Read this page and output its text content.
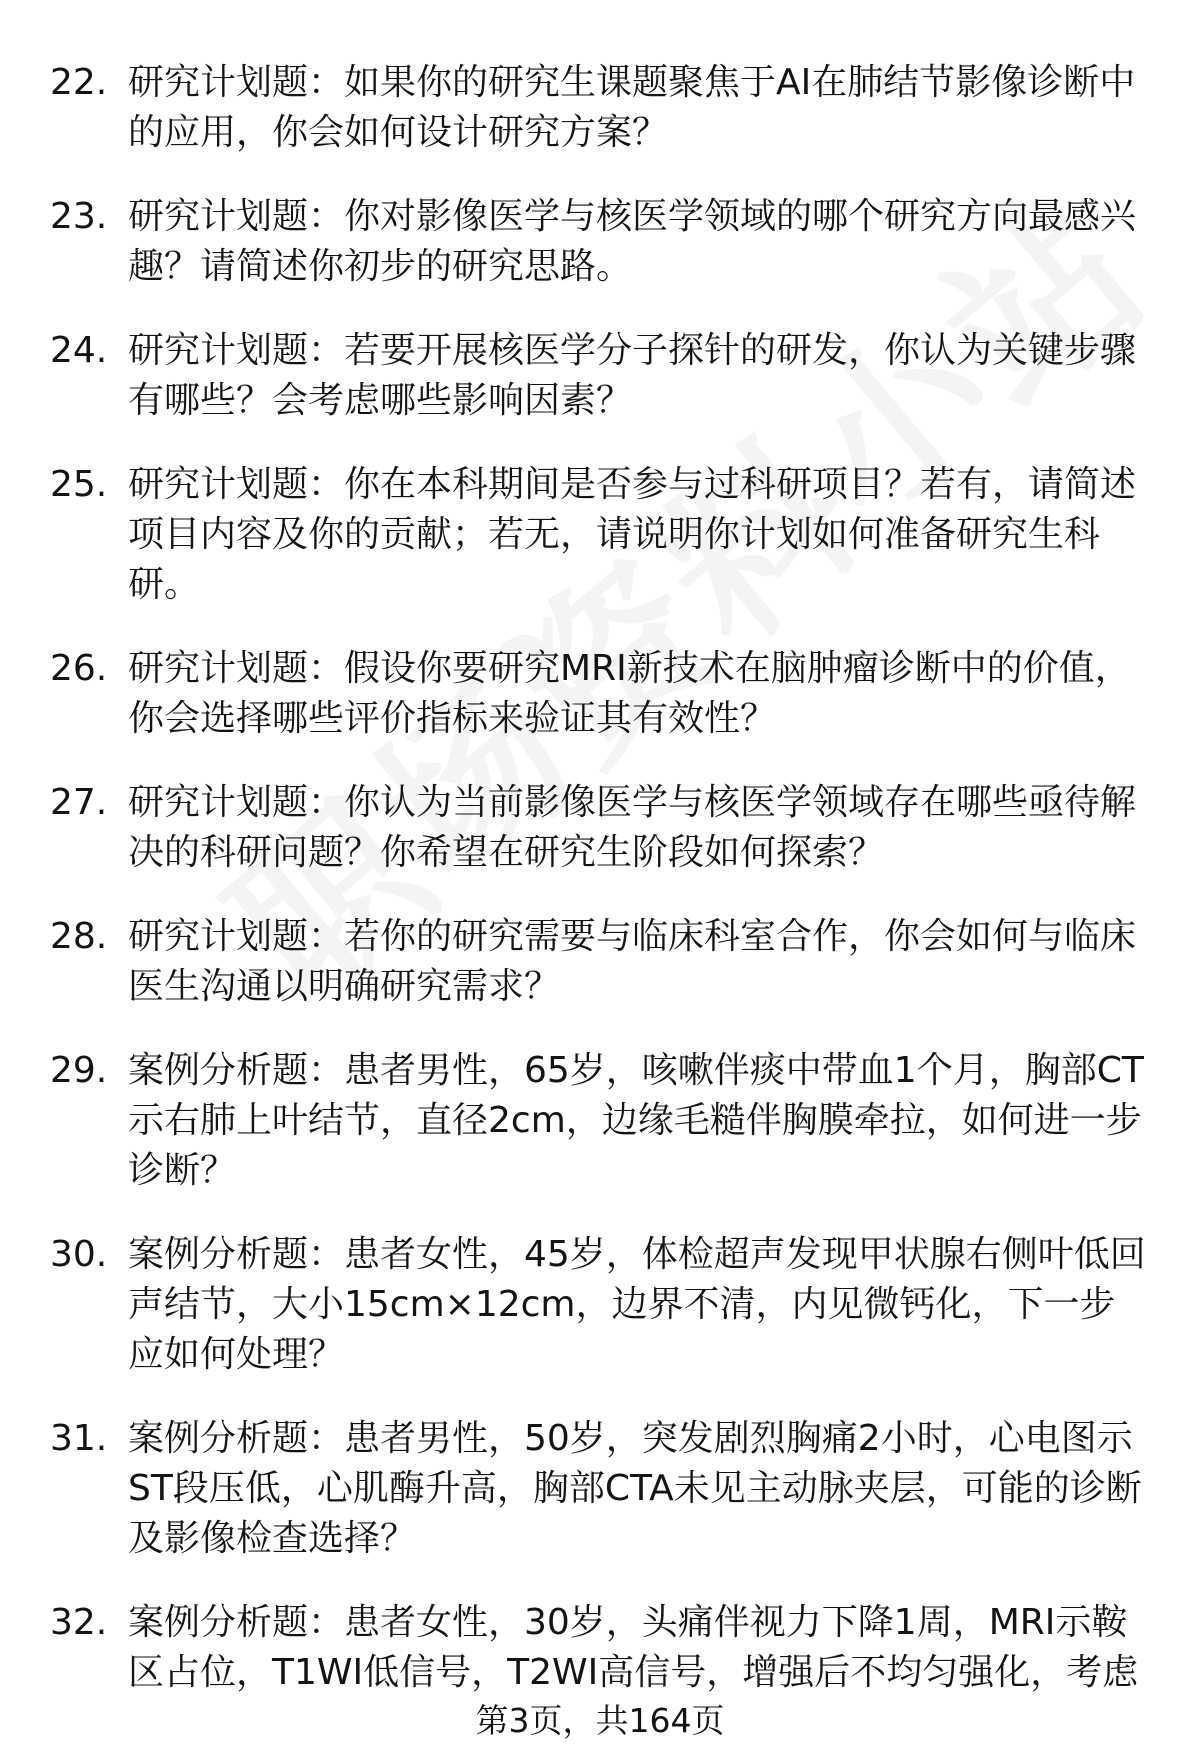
22. 研究计划题：如果你的研究生课题聚焦于AI在肺结节影像诊断中的应用，你会如何设计研究方案？
23. 研究计划题：你对影像医学与核医学领域的哪个研究方向最感兴趣？请简述你初步的研究思路。
24. 研究计划题：若要开展核医学分子探针的研发，你认为关键步骤有哪些？会考虑哪些影响因素？
25. 研究计划题：你在本科期间是否参与过科研项目？若有，请简述项目内容及你的贡献；若无，请说明你计划如何准备研究生科研。
26. 研究计划题：假设你要研究MRI新技术在脑肿瘤诊断中的价值，你会选择哪些评价指标来验证其有效性？
27. 研究计划题：你认为当前影像医学与核医学领域存在哪些亟待解决的科研问题？你希望在研究生阶段如何探索？
28. 研究计划题：若你的研究需要与临床科室合作，你会如何与临床医生沟通以明确研究需求？
29. 案例分析题：患者男性，65岁，咳嗽伴痰中带血1个月，胸部CT示右肺上叶结节，直径2cm，边缘毛糙伴胸膜牵拉，如何进一步诊断？
30. 案例分析题：患者女性，45岁，体检超声发现甲状腺右侧叶低回声结节，大小15cm×12cm，边界不清，内见微钙化，下一步应如何处理？
31. 案例分析题：患者男性，50岁，突发剧烈胸痛2小时，心电图示ST段压低，心肌酶升高，胸部CTA未见主动脉夹层，可能的诊断及影像检查选择？
32. 案例分析题：患者女性，30岁，头痛伴视力下降1周，MRI示鞍区占位，T1WI低信号，T2WI高信号，增强后不均匀强化，考虑
第3页，共164页
